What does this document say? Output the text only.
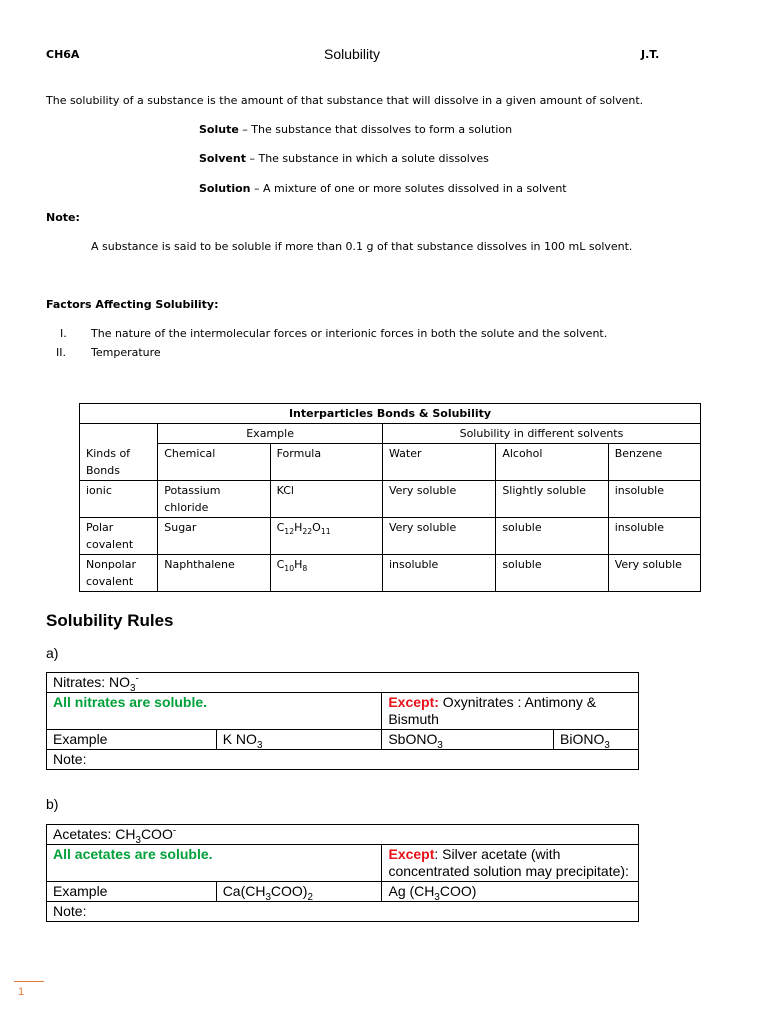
CH6A	Solubility	J.T.
The solubility of a substance is the amount of that substance that will dissolve in a given amount of solvent.
Solute – The substance that dissolves to form a solution
Solvent – The substance in which a solute dissolves
Solution – A mixture of one or more solutes dissolved in a solvent
Note:
A substance is said to be soluble if more than 0.1 g of that substance dissolves in 100 mL solvent.
Factors Affecting Solubility:
I. The nature of the intermolecular forces or interionic forces in both the solute and the solvent.
II. Temperature
Interparticles Bonds & Solubility					
	Example		Solubility in different solvents		
Kinds of Bonds	Chemical	Formula	Water	Alcohol	Benzene
ionic	Potassium chloride	KCl	Very soluble	Slightly soluble	insoluble
Polar covalent	Sugar	$C_{12}H_{22}O_{11}$	Very soluble	soluble	insoluble
Nonpolar covalent	Naphthalene	$C_{10}H_8$	insoluble	soluble	Very soluble
Solubility Rules
a)
Nitrates: $NO_3^-$
All nitrates are soluble.		Except: Oxynitrates : Antimony & Bismuth	
Example	K $NO_3$	SbONO$_3$	BiONO$_3$
Note:			
b)
Acetates: $CH_3COO^-$
All acetates are soluble.		Except: Silver acetate (with concentrated solution may precipitate):
Example	$Ca(CH_3COO)_2$	Ag $(CH_3COO)$
Note:		
1
